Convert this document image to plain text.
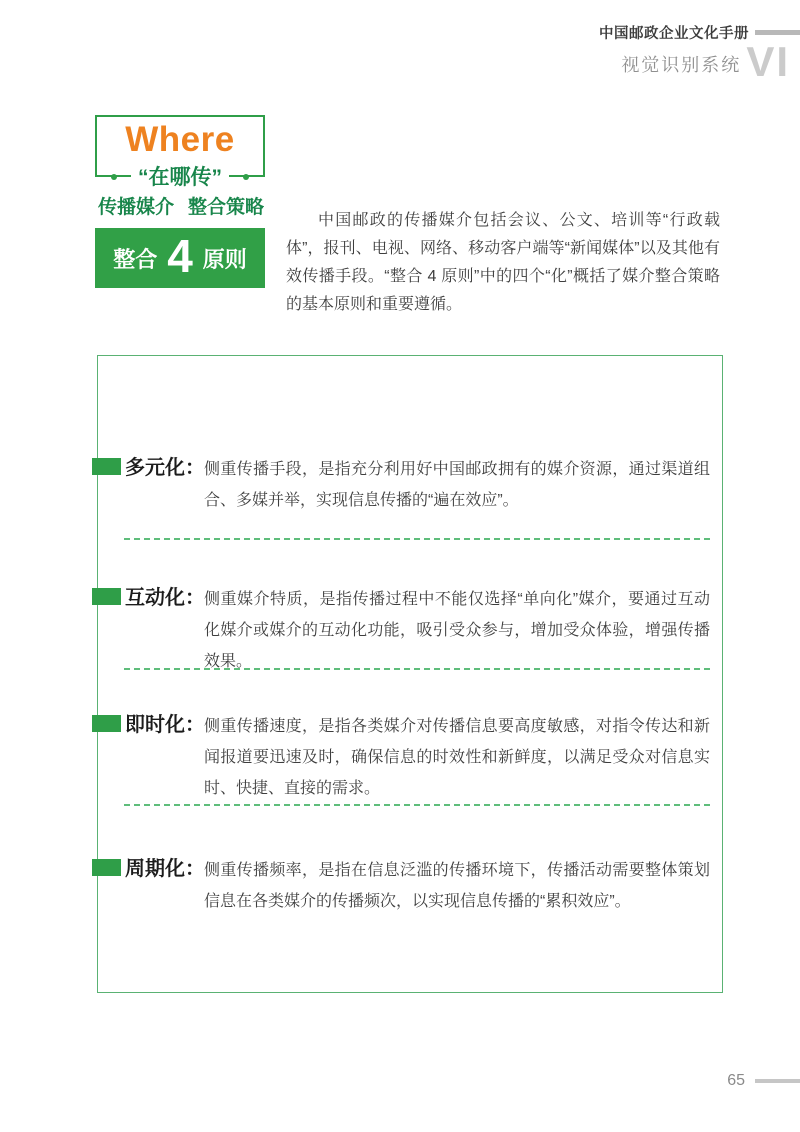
中国邮政企业文化手册
视觉识别系统 VI
Where
“在哪传”
传播媒介 整合策略
整合 4 原则

中国邮政的传播媒介包括会议、公文、培训等“行政载体”，报刊、电视、网络、移动客户端等“新闻媒体”以及其他有效传播手段。“整合 4 原则”中的四个“化”概括了媒介整合策略的基本原则和重要遵循。

多元化： 侧重传播手段，是指充分利用好中国邮政拥有的媒介资源，通过渠道组合、多媒并举，实现信息传播的“遍在效应”。
互动化： 侧重媒介特质，是指传播过程中不能仅选择“单向化”媒介，要通过互动化媒介或媒介的互动化功能，吸引受众参与，增加受众体验，增强传播效果。
即时化： 侧重传播速度，是指各类媒介对传播信息要高度敏感，对指令传达和新闻报道要迅速及时，确保信息的时效性和新鲜度，以满足受众对信息实时、快捷、直接的需求。
周期化： 侧重传播频率，是指在信息泛滥的传播环境下，传播活动需要整体策划信息在各类媒介的传播频次，以实现信息传播的“累积效应”。
65
